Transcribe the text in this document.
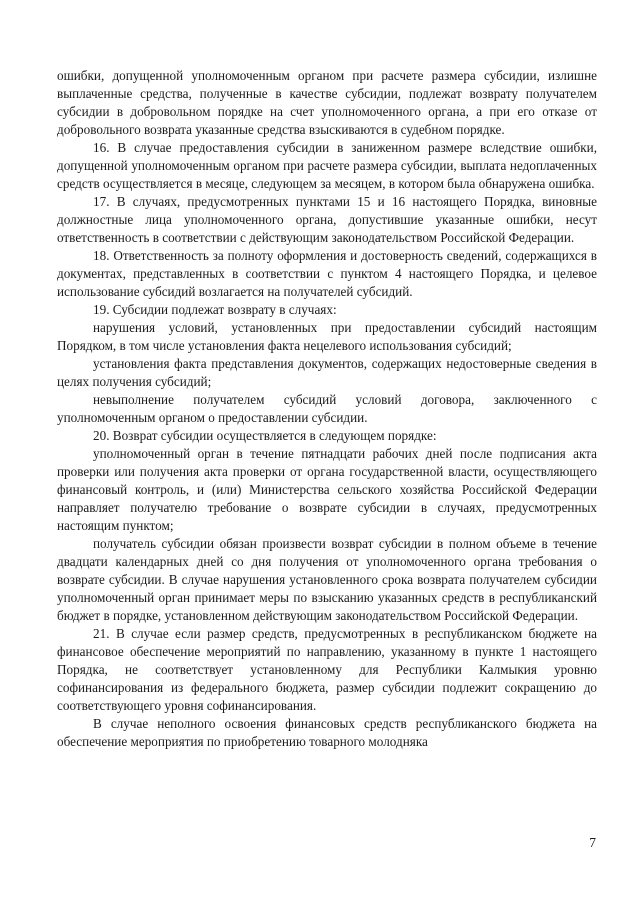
ошибки, допущенной уполномоченным органом при расчете размера субсидии, излишне выплаченные средства, полученные в качестве субсидии, подлежат возврату получателем субсидии в добровольном порядке на счет уполномоченного органа, а при его отказе от добровольного возврата указанные средства взыскиваются в судебном порядке.

16. В случае предоставления субсидии в заниженном размере вследствие ошибки, допущенной уполномоченным органом при расчете размера субсидии, выплата недоплаченных средств осуществляется в месяце, следующем за месяцем, в котором была обнаружена ошибка.

17. В случаях, предусмотренных пунктами 15 и 16 настоящего Порядка, виновные должностные лица уполномоченного органа, допустившие указанные ошибки, несут ответственность в соответствии с действующим законодательством Российской Федерации.

18. Ответственность за полноту оформления и достоверность сведений, содержащихся в документах, представленных в соответствии с пунктом 4 настоящего Порядка, и целевое использование субсидий возлагается на получателей субсидий.

19. Субсидии подлежат возврату в случаях:

нарушения условий, установленных при предоставлении субсидий настоящим Порядком, в том числе установления факта нецелевого использования субсидий;

установления факта представления документов, содержащих недостоверные сведения в целях получения субсидий;

невыполнение получателем субсидий условий договора, заключенного с уполномоченным органом о предоставлении субсидии.

20. Возврат субсидии осуществляется в следующем порядке:

уполномоченный орган в течение пятнадцати рабочих дней после подписания акта проверки или получения акта проверки от органа государственной власти, осуществляющего финансовый контроль, и (или) Министерства сельского хозяйства Российской Федерации направляет получателю требование о возврате субсидии в случаях, предусмотренных настоящим пунктом;

получатель субсидии обязан произвести возврат субсидии в полном объеме в течение двадцати календарных дней со дня получения от уполномоченного органа требования о возврате субсидии. В случае нарушения установленного срока возврата получателем субсидии уполномоченный орган принимает меры по взысканию указанных средств в республиканский бюджет в порядке, установленном действующим законодательством Российской Федерации.

21. В случае если размер средств, предусмотренных в республиканском бюджете на финансовое обеспечение мероприятий по направлению, указанному в пункте 1 настоящего Порядка, не соответствует установленному для Республики Калмыкия уровню софинансирования из федерального бюджета, размер субсидии подлежит сокращению до соответствующего уровня софинансирования.

В случае неполного освоения финансовых средств республиканского бюджета на обеспечение мероприятия по приобретению товарного молодняка

7
